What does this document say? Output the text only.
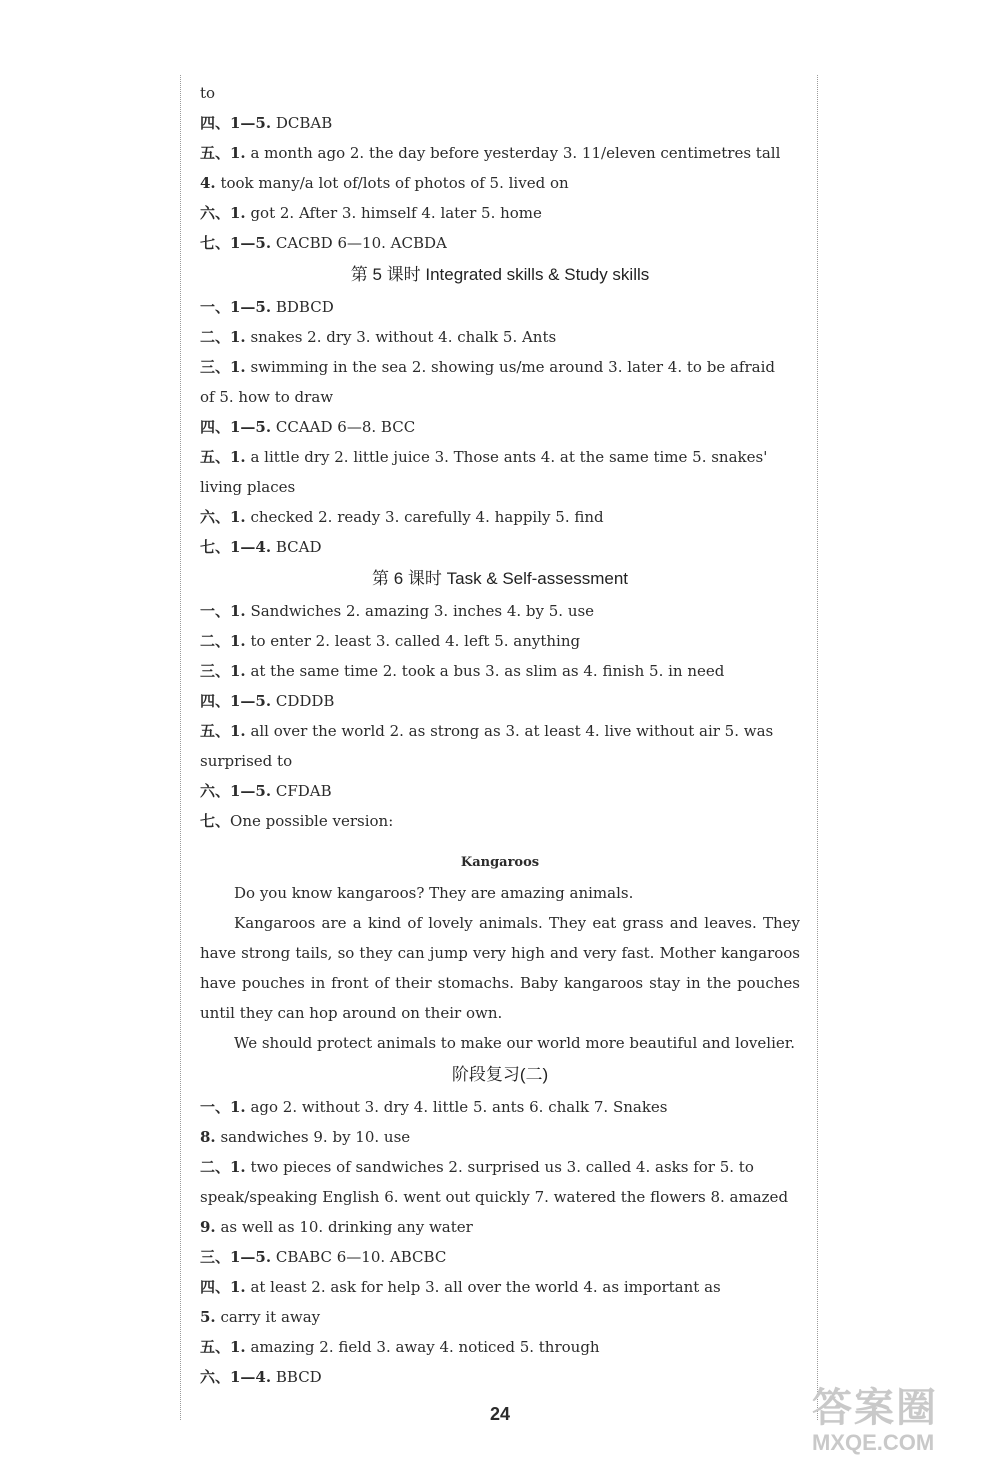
to
四、1—5. DCBAB
五、1. a month ago 2. the day before yesterday 3. 11/eleven centimetres tall
4. took many/a lot of/lots of photos of 5. lived on
六、1. got 2. After 3. himself 4. later 5. home
七、1—5. CACBD 6—10. ACBDA
第 5 课时 Integrated skills & Study skills
一、1—5. BDBCD
二、1. snakes 2. dry 3. without 4. chalk 5. Ants
三、1. swimming in the sea 2. showing us/me around 3. later 4. to be afraid
of 5. how to draw
四、1—5. CCAAD 6—8. BCC
五、1. a little dry 2. little juice 3. Those ants 4. at the same time 5. snakes'
living places
六、1. checked 2. ready 3. carefully 4. happily 5. find
七、1—4. BCAD
第 6 课时 Task & Self-assessment
一、1. Sandwiches 2. amazing 3. inches 4. by 5. use
二、1. to enter 2. least 3. called 4. left 5. anything
三、1. at the same time 2. took a bus 3. as slim as 4. finish 5. in need
四、1—5. CDDDB
五、1. all over the world 2. as strong as 3. at least 4. live without air 5. was
surprised to
六、1—5. CFDAB
七、One possible version:
Kangaroos

Do you know kangaroos? They are amazing animals.

Kangaroos are a kind of lovely animals. They eat grass and leaves. They have strong tails, so they can jump very high and very fast. Mother kangaroos have pouches in front of their stomachs. Baby kangaroos stay in the pouches until they can hop around on their own.

We should protect animals to make our world more beautiful and lovelier.

阶段复习(二)
一、1. ago 2. without 3. dry 4. little 5. ants 6. chalk 7. Snakes
8. sandwiches 9. by 10. use
二、1. two pieces of sandwiches 2. surprised us 3. called 4. asks for 5. to
speak/speaking English 6. went out quickly 7. watered the flowers 8. amazed
9. as well as 10. drinking any water
三、1—5. CBABC 6—10. ABCBC
四、1. at least 2. ask for help 3. all over the world 4. as important as
5. carry it away
五、1. amazing 2. field 3. away 4. noticed 5. through
六、1—4. BBCD
24	答案圈
MXQE.COM
